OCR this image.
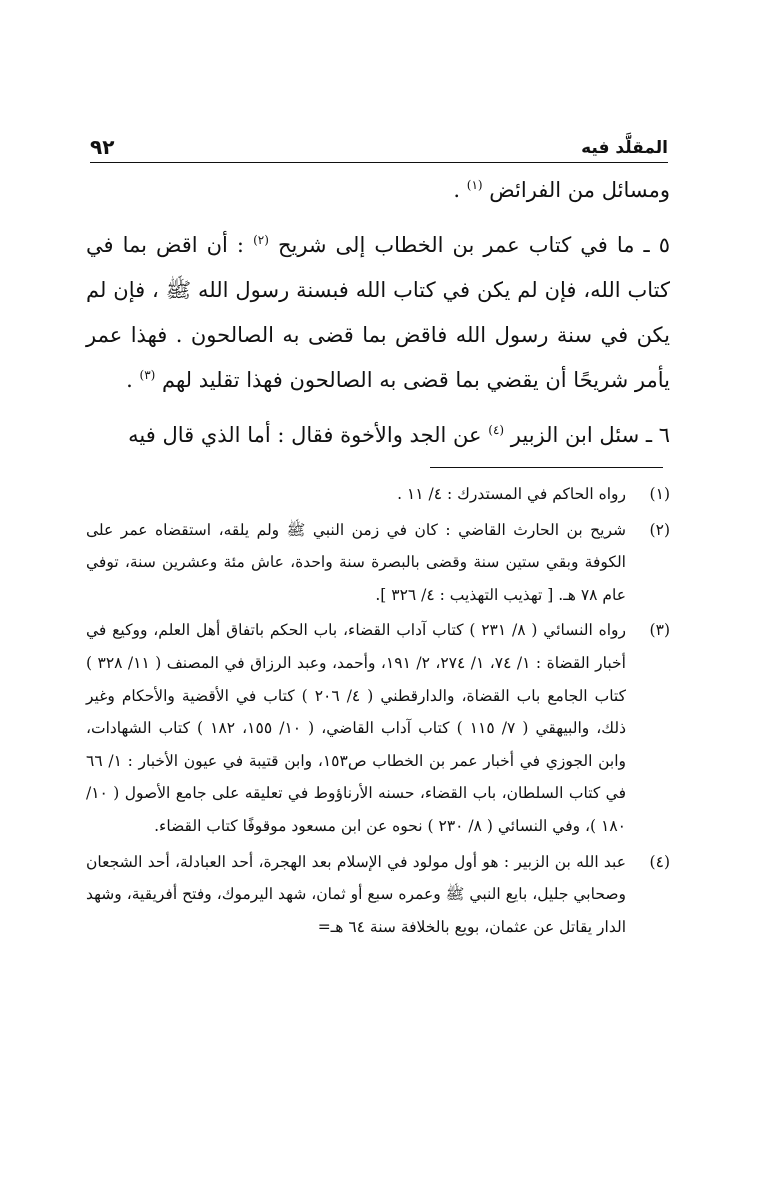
المقلَّد فيه
٩٢

ومسائل من الفرائض $^{(١)}$ .

٥ ـ ما في كتاب عمر بن الخطاب إلى شريح $^{(٢)}$ : أن اقض بما في كتاب الله، فإن لم يكن في كتاب الله فبسنة رسول الله ﷺ ، فإن لم يكن في سنة رسول الله فاقض بما قضى به الصالحون . فهذا عمر يأمر شريحًا أن يقضي بما قضى به الصالحون فهذا تقليد لهم $^{(٣)}$ .

٦ ـ سئل ابن الزبير $^{(٤)}$ عن الجد والأخوة فقال : أما الذي قال فيه

(١)
رواه الحاكم في المستدرك : ٤/ ١١ .
(٢)
شريح بن الحارث القاضي : كان في زمن النبي ﷺ ولم يلقه، استقضاه عمر على الكوفة وبقي ستين سنة وقضى بالبصرة سنة واحدة، عاش مئة وعشرين سنة، توفي عام ٧٨ هـ. [ تهذيب التهذيب : ٤/ ٣٢٦ ].
(٣)
رواه النسائي ( ٨/ ٢٣١ ) كتاب آداب القضاء، باب الحكم باتفاق أهل العلم، ووكيع في أخبار القضاة : ١/ ٧٤، ١/ ٢٧٤، ٢/ ١٩١، وأحمد، وعبد الرزاق في المصنف ( ١١/ ٣٢٨ ) كتاب الجامع باب القضاة، والدارقطني ( ٤/ ٢٠٦ ) كتاب في الأقضية والأحكام وغير ذلك، والبيهقي ( ٧/ ١١٥ ) كتاب آداب القاضي، ( ١٠/ ١٥٥، ١٨٢ ) كتاب الشهادات، وابن الجوزي في أخبار عمر بن الخطاب ص١٥٣، وابن قتيبة في عيون الأخبار : ١/ ٦٦ في كتاب السلطان، باب القضاء، حسنه الأرناؤوط في تعليقه على جامع الأصول ( ١٠/ ١٨٠ )، وفي النسائي ( ٨/ ٢٣٠ ) نحوه عن ابن مسعود موقوفًا كتاب القضاء.
(٤)
عبد الله بن الزبير : هو أول مولود في الإسلام بعد الهجرة، أحد العبادلة، أحد الشجعان وصحابي جليل، بايع النبي ﷺ وعمره سبع أو ثمان، شهد اليرموك، وفتح أفريقية، وشهد الدار يقاتل عن عثمان، بويع بالخلافة سنة ٦٤ هـ=
